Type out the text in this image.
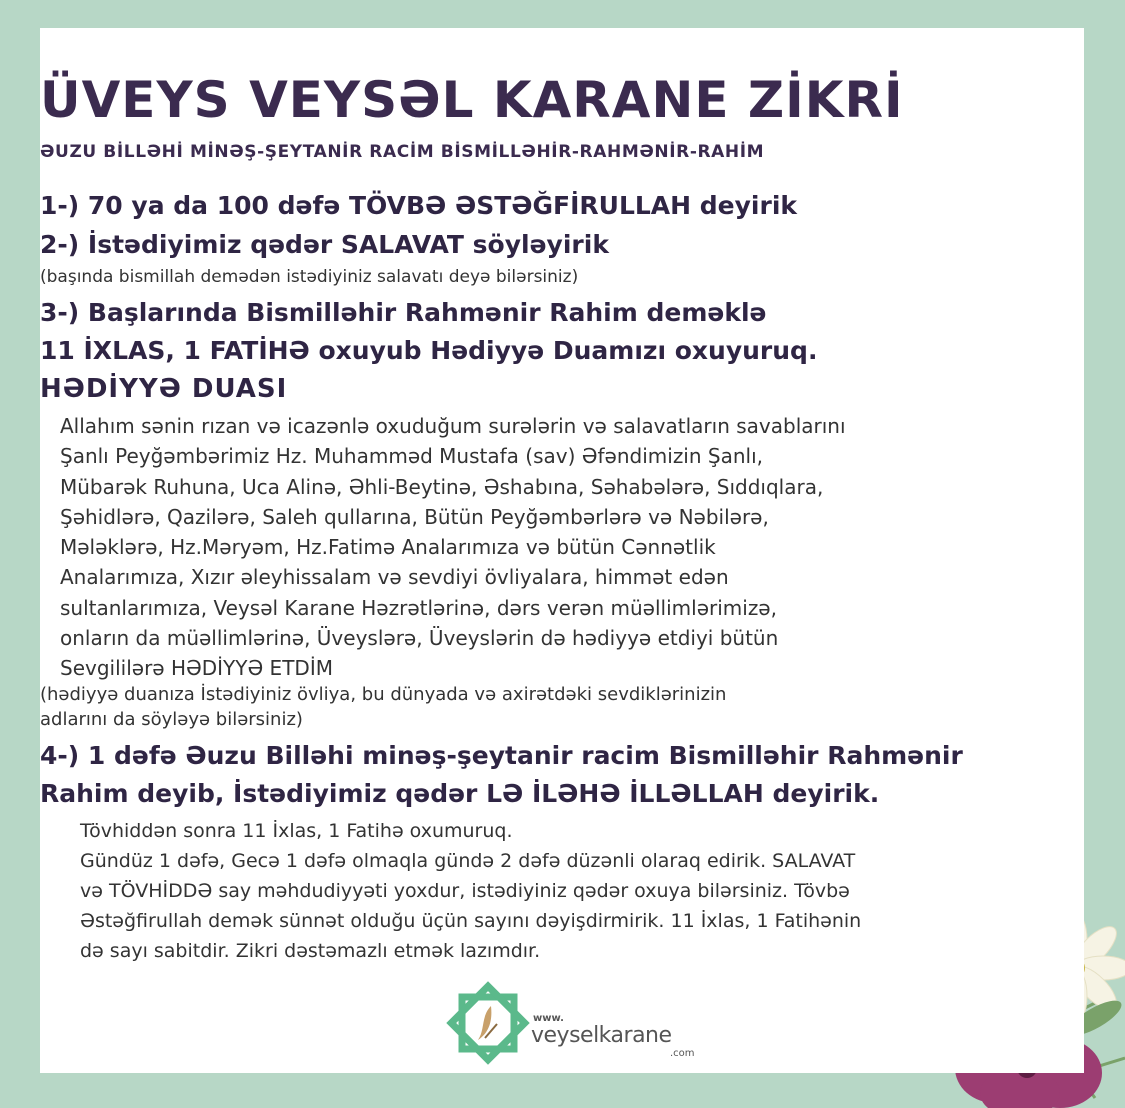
ÜVEYS VEYSƏL KARANE ZİKRİ
ƏUZU BİLLƏHİ MİNƏŞ-ŞEYTANİR RACİM BİSMİLLƏHİR-RAHMƏNİR-RAHİM
1-) 70 ya da 100 dəfə TÖVBƏ ƏSTƏĞFİRULLAH deyirik
2-) İstədiyimiz qədər SALAVAT söyləyirik
(başında bismillah demədən istədiyiniz salavatı deyə bilərsiniz)
3-) Başlarında Bismilləhir Rahmənir Rahim deməklə
11 İXLAS, 1 FATİHƏ oxuyub Hədiyyə Duamızı oxuyuruq.
HƏDİYYƏ DUASI
Allahım sənin rızan və icazənlə oxuduğum surələrin və salavatların savablarını
Şanlı Peyğəmbərimiz Hz. Muhamməd Mustafa (sav) Əfəndimizin Şanlı,
Mübarək Ruhuna, Uca Alinə, Əhli-Beytinə, Əshabına, Səhabələrə, Sıddıqlara,
Şəhidlərə, Qazilərə, Saleh qullarına, Bütün Peyğəmbərlərə və Nəbilərə,
Mələklərə, Hz.Məryəm, Hz.Fatimə Analarımıza və bütün Cənnətlik
Analarımıza, Xızır əleyhissalam və sevdiyi övliyalara, himmət edən
sultanlarımıza, Veysəl Karane Həzrətlərinə, dərs verən müəllimlərimizə,
onların da müəllimlərinə, Üveyslərə, Üveyslərin də hədiyyə etdiyi bütün
Sevgililərə HƏDİYYƏ ETDİM
(hədiyyə duanıza İstədiyiniz övliya, bu dünyada və axirətdəki sevdiklərinizin
adlarını da söyləyə bilərsiniz)
4-) 1 dəfə Əuzu Billəhi minəş-şeytanir racim Bismilləhir Rahmənir
Rahim deyib, İstədiyimiz qədər LƏ İLƏHƏ İLLƏLLAH deyirik.
Tövhiddən sonra 11 İxlas, 1 Fatihə oxumuruq.
Gündüz 1 dəfə, Gecə 1 dəfə olmaqla gündə 2 dəfə düzənli olaraq edirik. SALAVAT
və TÖVHİDDƏ say məhdudiyyəti yoxdur, istədiyiniz qədər oxuya bilərsiniz. Tövbə
Əstəğfirullah demək sünnət olduğu üçün sayını dəyişdirmirik. 11 İxlas, 1 Fatihənin
də sayı sabitdir. Zikri dəstəmazlı etmək lazımdır.
www.
veyselkarane
.com
